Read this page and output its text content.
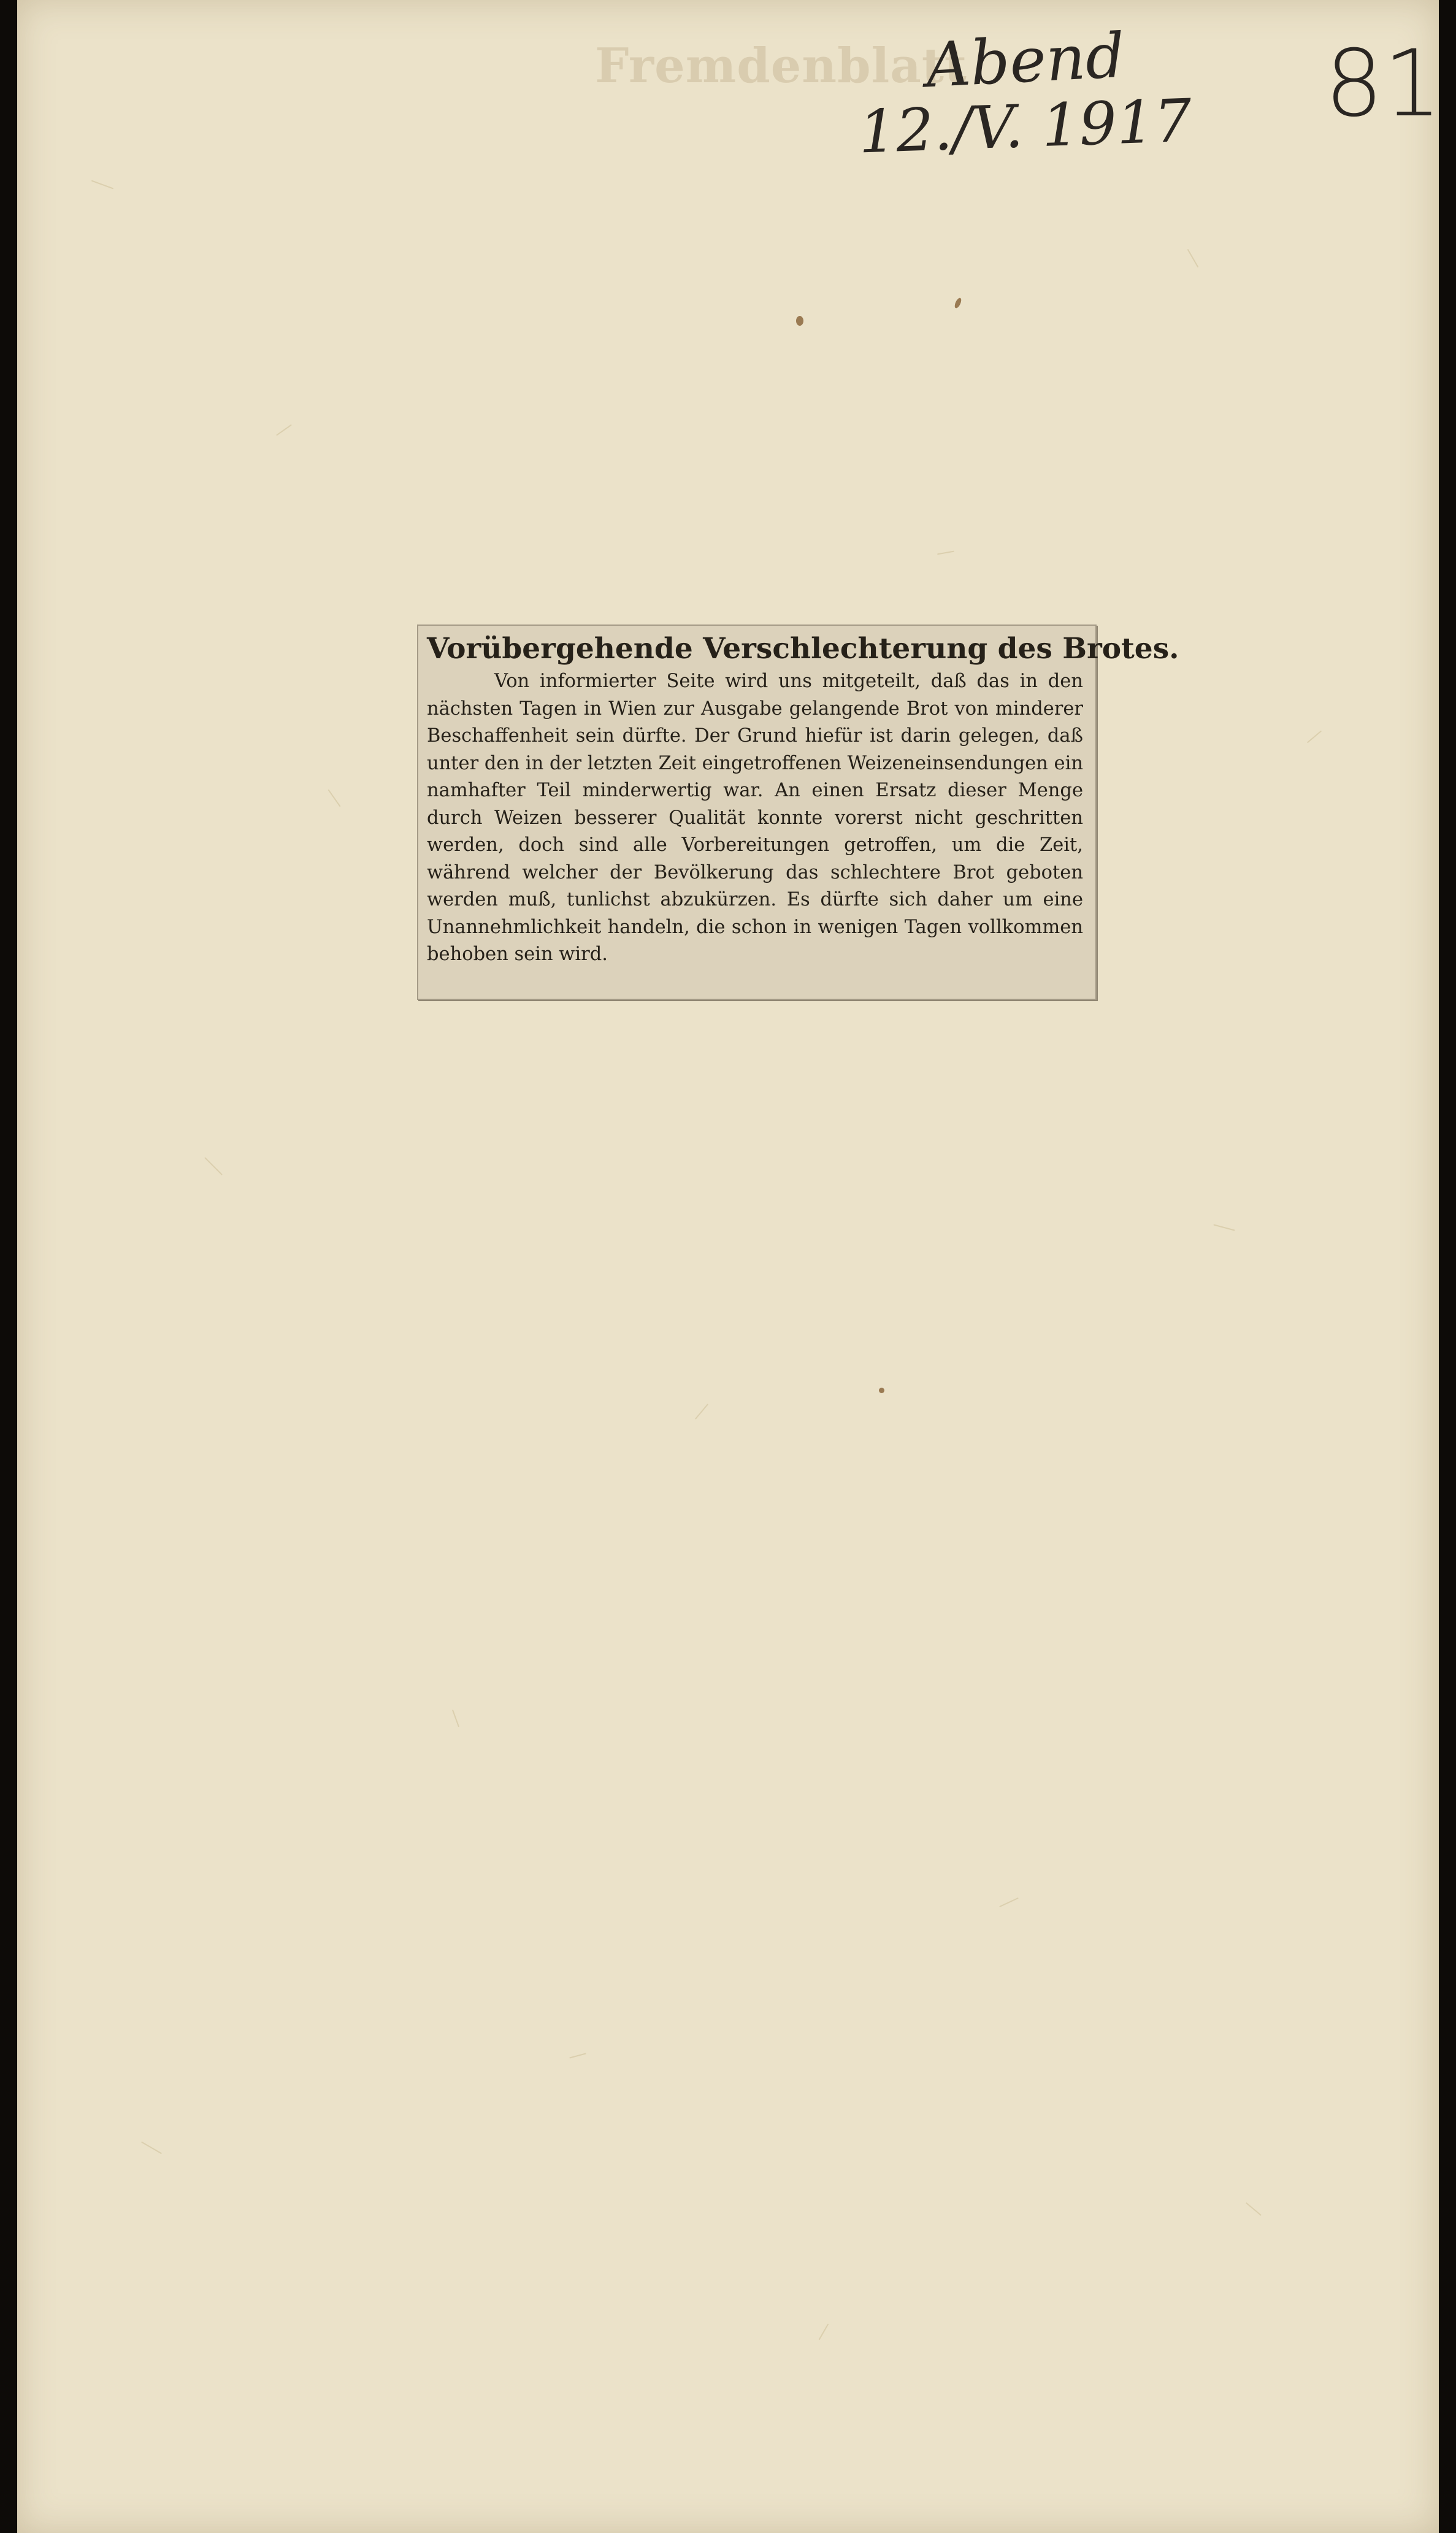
Fremdenblatt
Abend
12./V. 1917 81
Vorübergehende Verschlechterung des Brotes.

Von informierter Seite wird uns mitgeteilt, daß das in den nächsten Tagen in Wien zur Ausgabe gelangende Brot von minderer Beschaffenheit sein dürfte. Der Grund hiefür ist darin gelegen, daß unter den in der letzten Zeit eingetroffenen Weizeneinsendungen ein namhafter Teil minderwertig war. An einen Ersatz dieser Menge durch Weizen besserer Qualität konnte vorerst nicht geschritten werden, doch sind alle Vorbereitungen getroffen, um die Zeit, während welcher der Bevölkerung das schlechtere Brot geboten werden muß, tunlichst abzukürzen. Es dürfte sich daher um eine Unannehmlichkeit handeln, die schon in wenigen Tagen vollkommen behoben sein wird.
